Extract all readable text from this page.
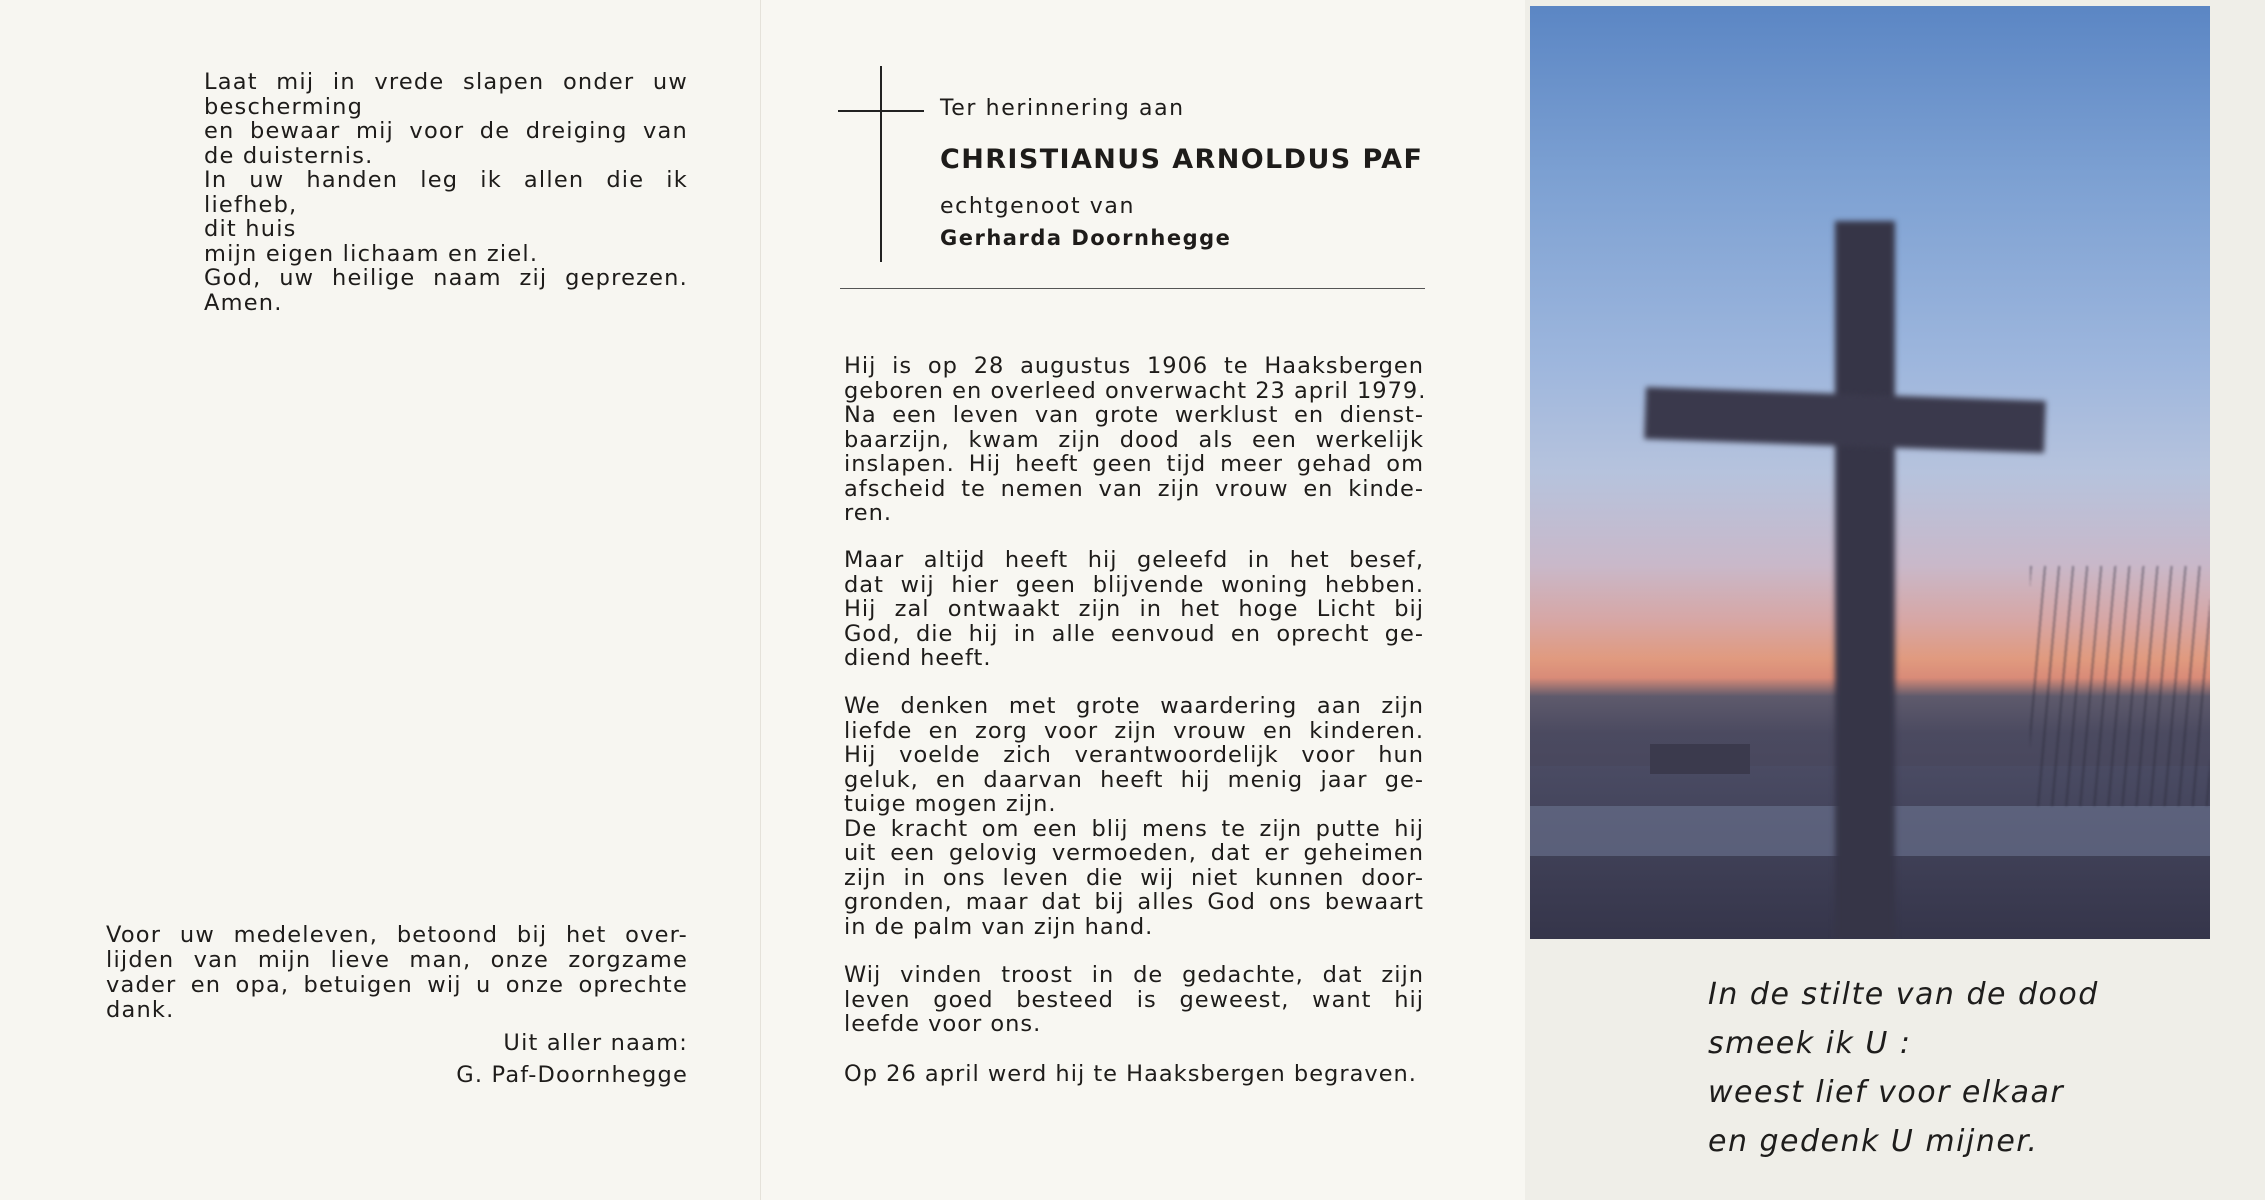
Laat mij in vrede slapen onder uw
bescherming
en bewaar mij voor de dreiging van
de duisternis.
In uw handen leg ik allen die ik
liefheb,
dit huis
mijn eigen lichaam en ziel.
God, uw heilige naam zij geprezen.
Amen.
Voor uw medeleven, betoond bij het over-
lijden van mijn lieve man, onze zorgzame
vader en opa, betuigen wij u onze oprechte
dank.
Uit aller naam:
G. Paf-Doornhegge
Ter herinnering aan
CHRISTIANUS ARNOLDUS PAF
echtgenoot van
Gerharda Doornhegge
Hij is op 28 augustus 1906 te Haaksbergen
geboren en overleed onverwacht 23 april 1979.
Na een leven van grote werklust en dienst-
baarzijn, kwam zijn dood als een werkelijk
inslapen. Hij heeft geen tijd meer gehad om
afscheid te nemen van zijn vrouw en kinde-
ren.
Maar altijd heeft hij geleefd in het besef,
dat wij hier geen blijvende woning hebben.
Hij zal ontwaakt zijn in het hoge Licht bij
God, die hij in alle eenvoud en oprecht ge-
diend heeft.
We denken met grote waardering aan zijn
liefde en zorg voor zijn vrouw en kinderen.
Hij voelde zich verantwoordelijk voor hun
geluk, en daarvan heeft hij menig jaar ge-
tuige mogen zijn.
De kracht om een blij mens te zijn putte hij
uit een gelovig vermoeden, dat er geheimen
zijn in ons leven die wij niet kunnen door-
gronden, maar dat bij alles God ons bewaart
in de palm van zijn hand.
Wij vinden troost in de gedachte, dat zijn
leven goed besteed is geweest, want hij
leefde voor ons.
Op 26 april werd hij te Haaksbergen begraven.
In de stilte van de dood
smeek ik U :
weest lief voor elkaar
en gedenk U mijner.
